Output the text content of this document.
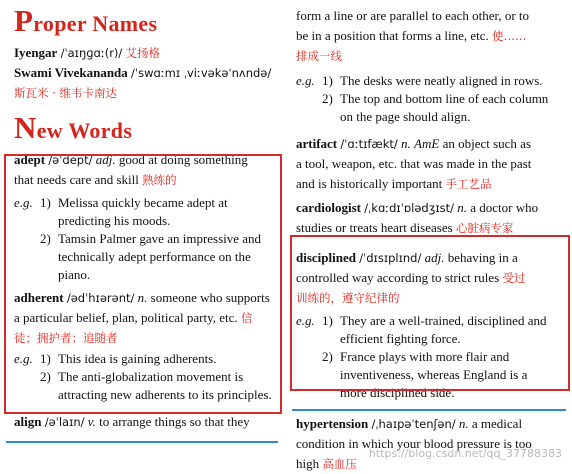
Proper Names
Iyengar /ˈaɪŋɡɑː(r)/ 艾扬格
Swami Vivekananda /ˈswɑːmɪ ˌviːvəkəˈnʌndə/
斯瓦米 · 维韦卡南达
New Words
adept /əˈdept/ adj. good at doing something
that needs care and skill 熟练的
e.g. 1) Melissa quickly became adept at
predicting his moods.
2) Tamsin Palmer gave an impressive and
technically adept performance on the
piano.
adherent /ədˈhɪərənt/ n. someone who supports
a particular belief, plan, political party, etc. 信
徒；拥护者；追随者
e.g. 1) This idea is gaining adherents.
2) The anti-globalization movement is
attracting new adherents to its principles.
align /əˈlaɪn/ v. to arrange things so that they
form a line or are parallel to each other, or to
be in a position that forms a line, etc. 使……
排成一线
e.g. 1) The desks were neatly aligned in rows.
2) The top and bottom line of each column
on the page should align.
artifact /ˈɑːtɪfækt/ n. AmE an object such as
a tool, weapon, etc. that was made in the past
and is historically important 手工艺品
cardiologist /ˌkɑːdɪˈɒlədʒɪst/ n. a doctor who
studies or treats heart diseases 心脏病专家
disciplined /ˈdɪsɪplɪnd/ adj. behaving in a
controlled way according to strict rules 受过
训练的，遵守纪律的
e.g. 1) They are a well-trained, disciplined and
efficient fighting force.
2) France plays with more flair and
inventiveness, whereas England is a
more disciplined side.
hypertension /ˌhaɪpəˈtenʃən/ n. a medical
condition in which your blood pressure is too
high 高血压
https://blog.csdn.net/qq_37788383
